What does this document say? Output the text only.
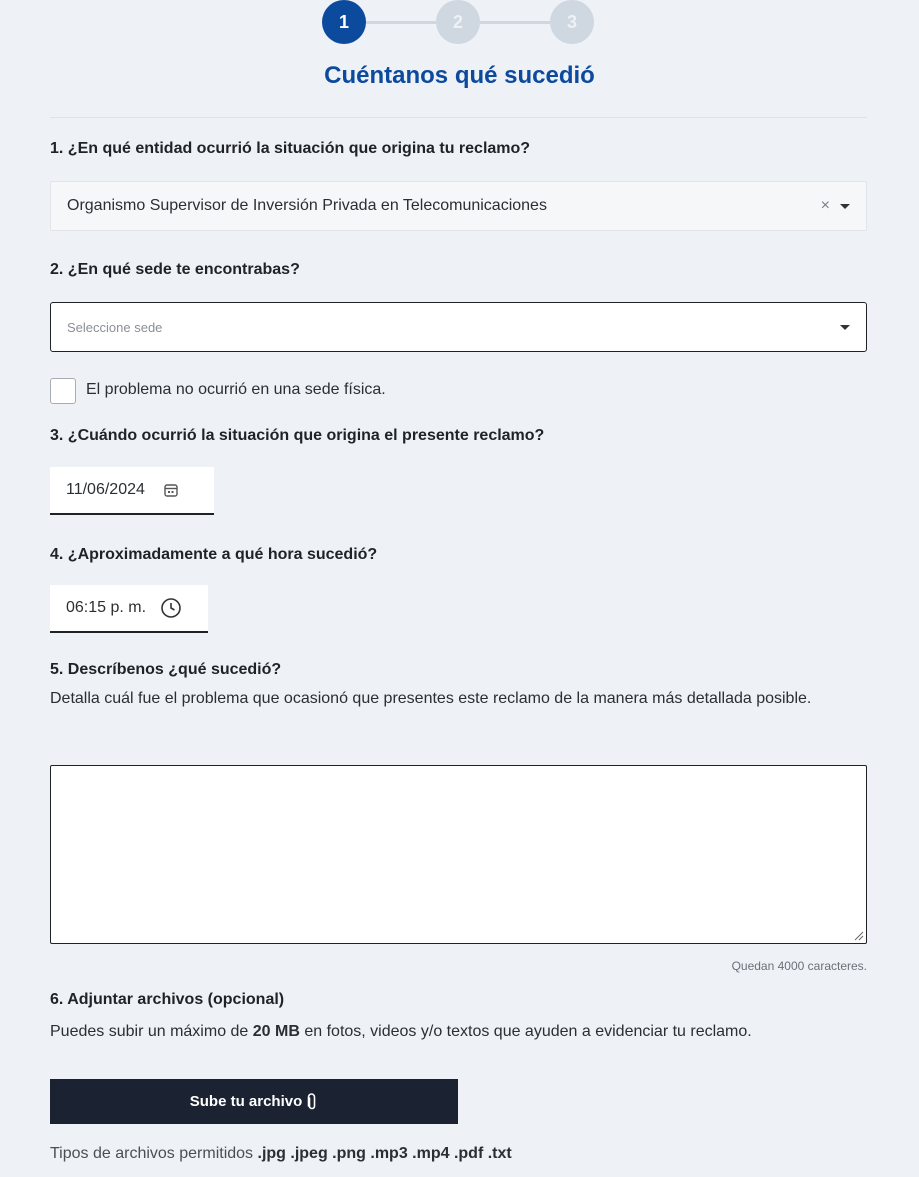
1	2	3
Cuéntanos qué sucedió
1. ¿En qué entidad ocurrió la situación que origina tu reclamo?
Organismo Supervisor de Inversión Privada en Telecomunicaciones	×
2. ¿En qué sede te encontrabas?
Seleccione sede
El problema no ocurrió en una sede física.
3. ¿Cuándo ocurrió la situación que origina el presente reclamo?
11/06/2024
4. ¿Aproximadamente a qué hora sucedió?
06:15 p. m.
5. Descríbenos ¿qué sucedió?
Detalla cuál fue el problema que ocasionó que presentes este reclamo de la manera más detallada posible.
Quedan 4000 caracteres.
6. Adjuntar archivos (opcional)
Puedes subir un máximo de 20 MB en fotos, videos y/o textos que ayuden a evidenciar tu reclamo.
Sube tu archivo
Tipos de archivos permitidos .jpg .jpeg .png .mp3 .mp4 .pdf .txt
